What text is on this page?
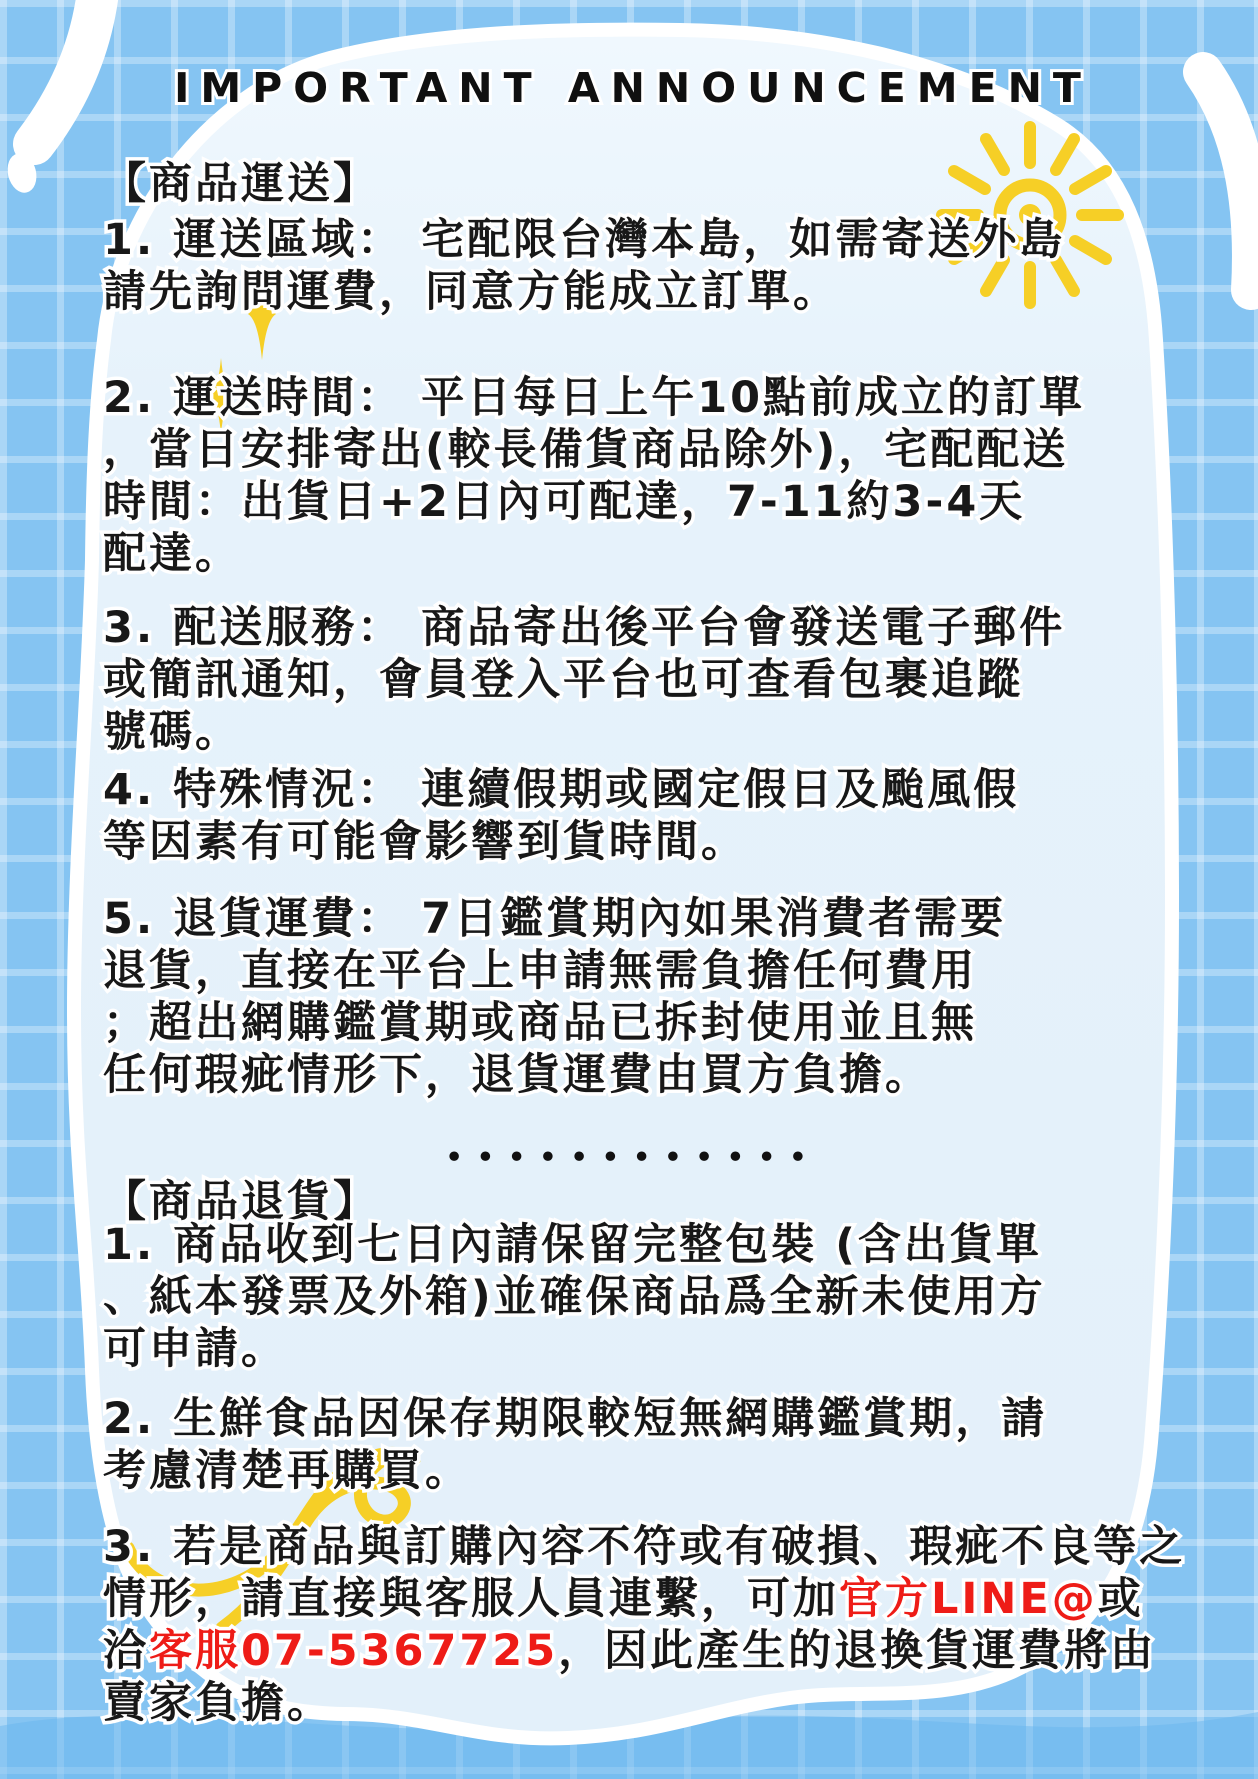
IMPORTANT ANNOUNCEMENT
【商品運送】
1. 運送區域： 宅配限台灣本島，如需寄送外島
請先詢問運費，同意方能成立訂單。
2. 運送時間： 平日每日上午10點前成立的訂單
，當日安排寄出(較長備貨商品除外)，宅配配送
時間：出貨日+2日內可配達，7-11約3-4天
配達。
3. 配送服務： 商品寄出後平台會發送電子郵件
或簡訊通知，會員登入平台也可查看包裹追蹤
號碼。
4. 特殊情況： 連續假期或國定假日及颱風假
等因素有可能會影響到貨時間。
5. 退貨運費： 7日鑑賞期內如果消費者需要
退貨，直接在平台上申請無需負擔任何費用
；超出網購鑑賞期或商品已拆封使用並且無
任何瑕疵情形下，退貨運費由買方負擔。
••••••••••••
【商品退貨】
1. 商品收到七日內請保留完整包裝 (含出貨單
、紙本發票及外箱)並確保商品爲全新未使用方
可申請。
2. 生鮮食品因保存期限較短無網購鑑賞期，請
考慮清楚再購買。
3. 若是商品與訂購內容不符或有破損、瑕疵不良等之
情形，請直接與客服人員連繫，可加官方LINE@或
洽客服07-5367725，因此產生的退換貨運費將由
賣家負擔。
